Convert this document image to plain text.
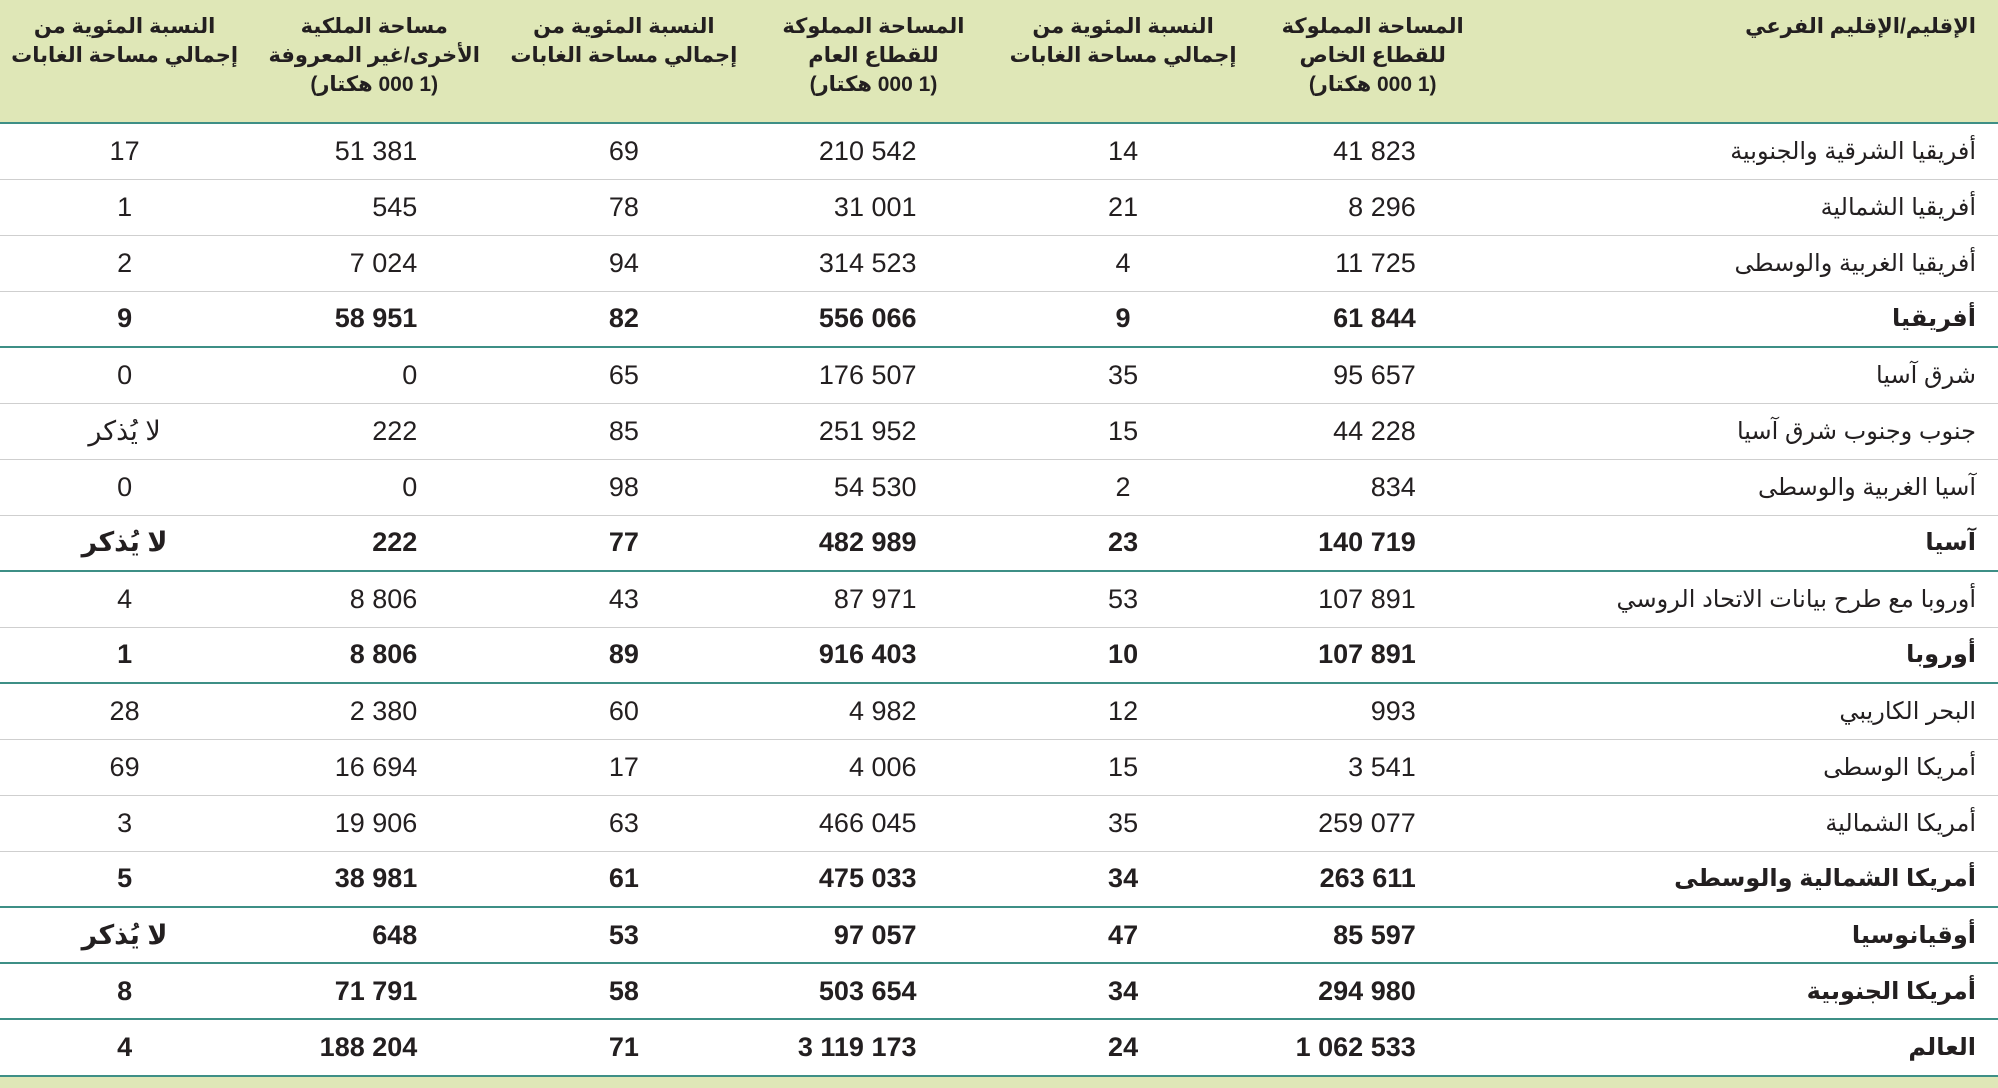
الإقليم/الإقليم الفرعي	المساحة المملوكة
للقطاع الخاص
(1 000 هكتار)	النسبة المئوية من
إجمالي مساحة الغابات	المساحة المملوكة
للقطاع العام
(1 000 هكتار)	النسبة المئوية من
إجمالي مساحة الغابات	مساحة الملكية
الأخرى/غير المعروفة
(1 000 هكتار)	النسبة المئوية من
إجمالي مساحة الغابات
أفريقيا الشرقية والجنوبية	41 823	14	210 542	69	51 381	17
أفريقيا الشمالية	8 296	21	31 001	78	545	1
أفريقيا الغربية والوسطى	11 725	4	314 523	94	7 024	2
أفريقيا	61 844	9	556 066	82	58 951	9
شرق آسيا	95 657	35	176 507	65	0	0
جنوب وجنوب شرق آسيا	44 228	15	251 952	85	222	لا يُذكر
آسيا الغربية والوسطى	834	2	54 530	98	0	0
آسيا	140 719	23	482 989	77	222	لا يُذكر
أوروبا مع طرح بيانات الاتحاد الروسي	107 891	53	87 971	43	8 806	4
أوروبا	107 891	10	916 403	89	8 806	1
البحر الكاريبي	993	12	4 982	60	2 380	28
أمريكا الوسطى	3 541	15	4 006	17	16 694	69
أمريكا الشمالية	259 077	35	466 045	63	19 906	3
أمريكا الشمالية والوسطى	263 611	34	475 033	61	38 981	5
أوقيانوسيا	85 597	47	97 057	53	648	لا يُذكر
أمريكا الجنوبية	294 980	34	503 654	58	71 791	8
العالم	1 062 533	24	3 119 173	71	188 204	4
